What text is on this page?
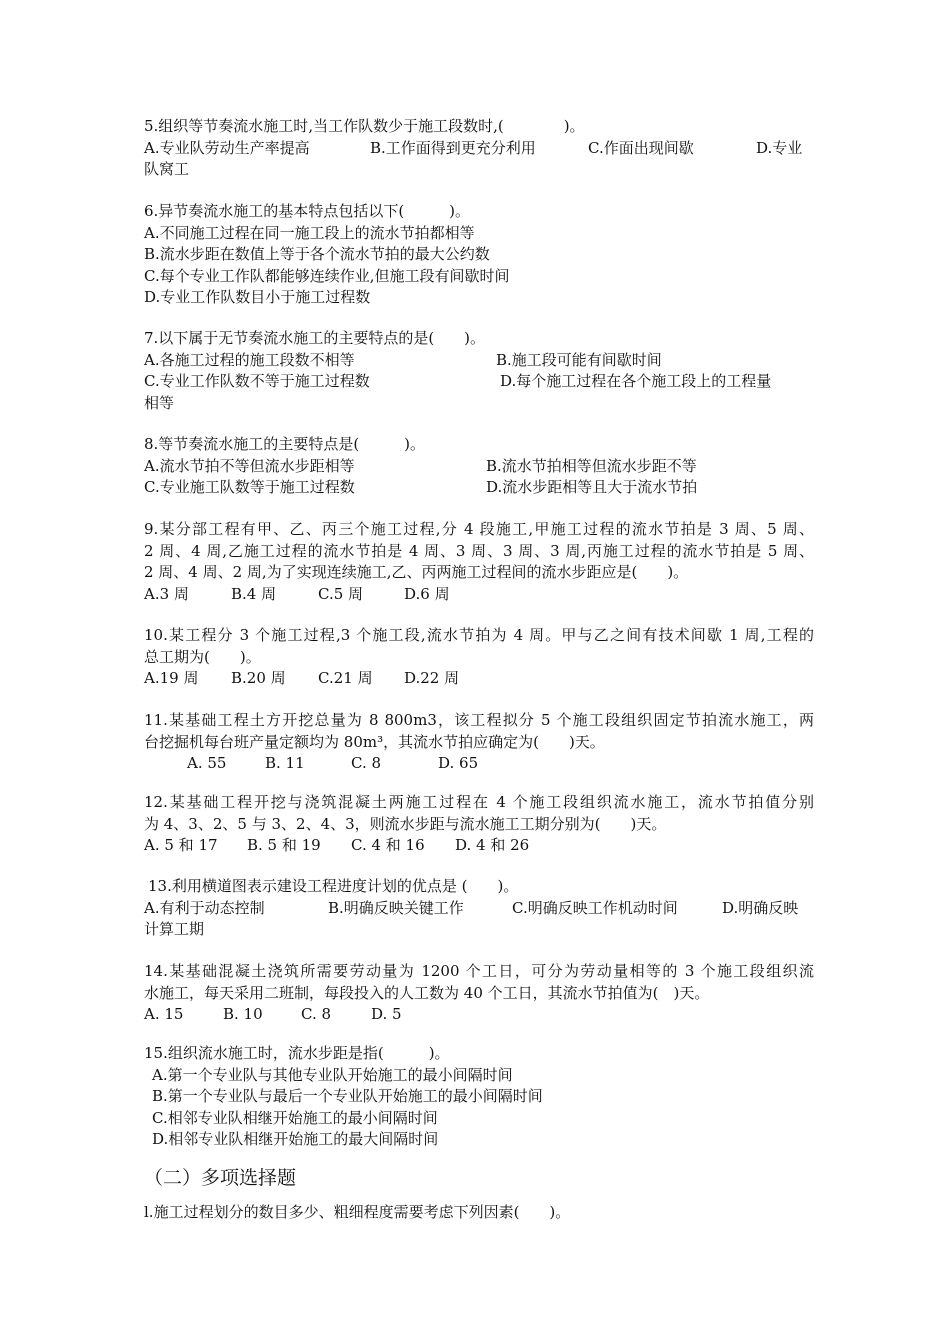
5.组织等节奏流水施工时,当工作队数少于施工段数时,(　　　　)。
A.专业队劳动生产率提高	B.工作面得到更充分利用	C.作面出现间歇	D.专业
队窝工
6.异节奏流水施工的基本特点包括以下(　　　)。
A.不同施工过程在同一施工段上的流水节拍都相等
B.流水步距在数值上等于各个流水节拍的最大公约数
C.每个专业工作队都能够连续作业,但施工段有间歇时间
D.专业工作队数目小于施工过程数
7.以下属于无节奏流水施工的主要特点的是(　　)。
A.各施工过程的施工段数不相等	B.施工段可能有间歇时间
C.专业工作队数不等于施工过程数	D.每个施工过程在各个施工段上的工程量
相等
8.等节奏流水施工的主要特点是(　　　)。
A.流水节拍不等但流水步距相等	B.流水节拍相等但流水步距不等
C.专业施工队数等于施工过程数	D.流水步距相等且大于流水节拍
9.某分部工程有甲、乙、丙三个施工过程,分 4 段施工,甲施工过程的流水节拍是 3 周、5 周、
2 周、4 周,乙施工过程的流水节拍是 4 周、3 周、3 周、3 周,丙施工过程的流水节拍是 5 周、
2 周、4 周、2 周,为了实现连续施工,乙、丙两施工过程间的流水步距应是(　　)。
A.3 周	B.4 周	C.5 周	D.6 周
10.某工程分 3 个施工过程,3 个施工段,流水节拍为 4 周。甲与乙之间有技术间歇 1 周,工程的
总工期为(　　)。
A.19 周 B.20 周 C.21 周 D.22 周
11.某基础工程土方开挖总量为 8 800m3，该工程拟分 5 个施工段组织固定节拍流水施工，两
台挖掘机每台班产量定额均为 80m³，其流水节拍应确定为(　　)天。
A. 55	B. 11	C. 8	D. 65
12.某基础工程开挖与浇筑混凝土两施工过程在 4 个施工段组织流水施工，流水节拍值分别
为 4、3、2、5 与 3、2、4、3，则流水步距与流水施工工期分别为(　　)天。
A. 5 和 17 B. 5 和 19 C. 4 和 16 D. 4 和 26
13.利用横道图表示建设工程进度计划的优点是 (　　)。
A.有利于动态控制	B.明确反映关键工作	C.明确反映工作机动时间	D.明确反映
计算工期
14.某基础混凝土浇筑所需要劳动量为 1200 个工日，可分为劳动量相等的 3 个施工段组织流
水施工，每天采用二班制，每段投入的人工数为 40 个工日，其流水节拍值为(　)天。
A. 15	B. 10	C. 8	D. 5
15.组织流水施工时，流水步距是指(　　　)。
A.第一个专业队与其他专业队开始施工的最小间隔时间
B.第一个专业队与最后一个专业队开始施工的最小间隔时间
C.相邻专业队相继开始施工的最小间隔时间
D.相邻专业队相继开始施工的最大间隔时间
（二）多项选择题
l.施工过程划分的数目多少、粗细程度需要考虑下列因素(　　)。
